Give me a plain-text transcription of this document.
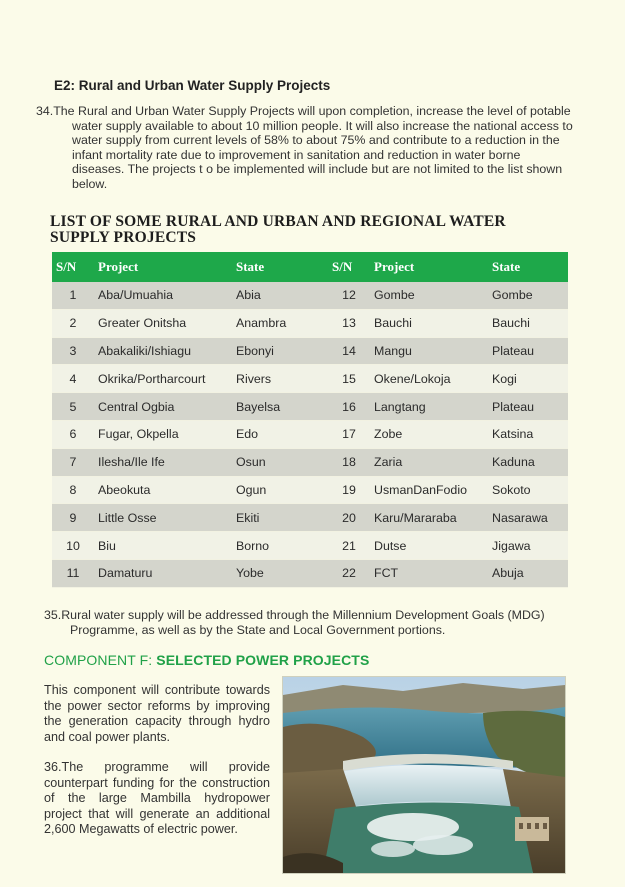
E2: Rural and Urban Water Supply Projects
34.The Rural and Urban Water Supply Projects will upon completion, increase the level of potable water supply available to about 10 million people. It will also increase the national access to water supply from current levels of 58% to about 75% and contribute to a reduction in the infant mortality rate due to improvement in sanitation and reduction in water borne diseases. The projects t o be implemented will include but are not limited to the list shown below.
LIST OF SOME RURAL AND URBAN AND REGIONAL WATER SUPPLY PROJECTS
S/N	Project	State	S/N	Project	State
1	Aba/Umuahia	Abia	12	Gombe	Gombe
2	Greater Onitsha	Anambra	13	Bauchi	Bauchi
3	Abakaliki/Ishiagu	Ebonyi	14	Mangu	Plateau
4	Okrika/Portharcourt	Rivers	15	Okene/Lokoja	Kogi
5	Central Ogbia	Bayelsa	16	Langtang	Plateau
6	Fugar, Okpella	Edo	17	Zobe	Katsina
7	Ilesha/Ile Ife	Osun	18	Zaria	Kaduna
8	Abeokuta	Ogun	19	UsmanDanFodio	Sokoto
9	Little Osse	Ekiti	20	Karu/Mararaba	Nasarawa
10	Biu	Borno	21	Dutse	Jigawa
11	Damaturu	Yobe	22	FCT	Abuja
35.Rural water supply will be addressed through the Millennium Development Goals (MDG) Programme, as well as by the State and Local Government portions.
COMPONENT F: SELECTED POWER PROJECTS
This component will contribute towards the power sector reforms by improving the generation capacity through hydro and coal power plants.
36.The programme will provide counterpart funding for the construction of the large Mambilla hydropower project that will generate an additional 2,600 Megawatts of electric power.
